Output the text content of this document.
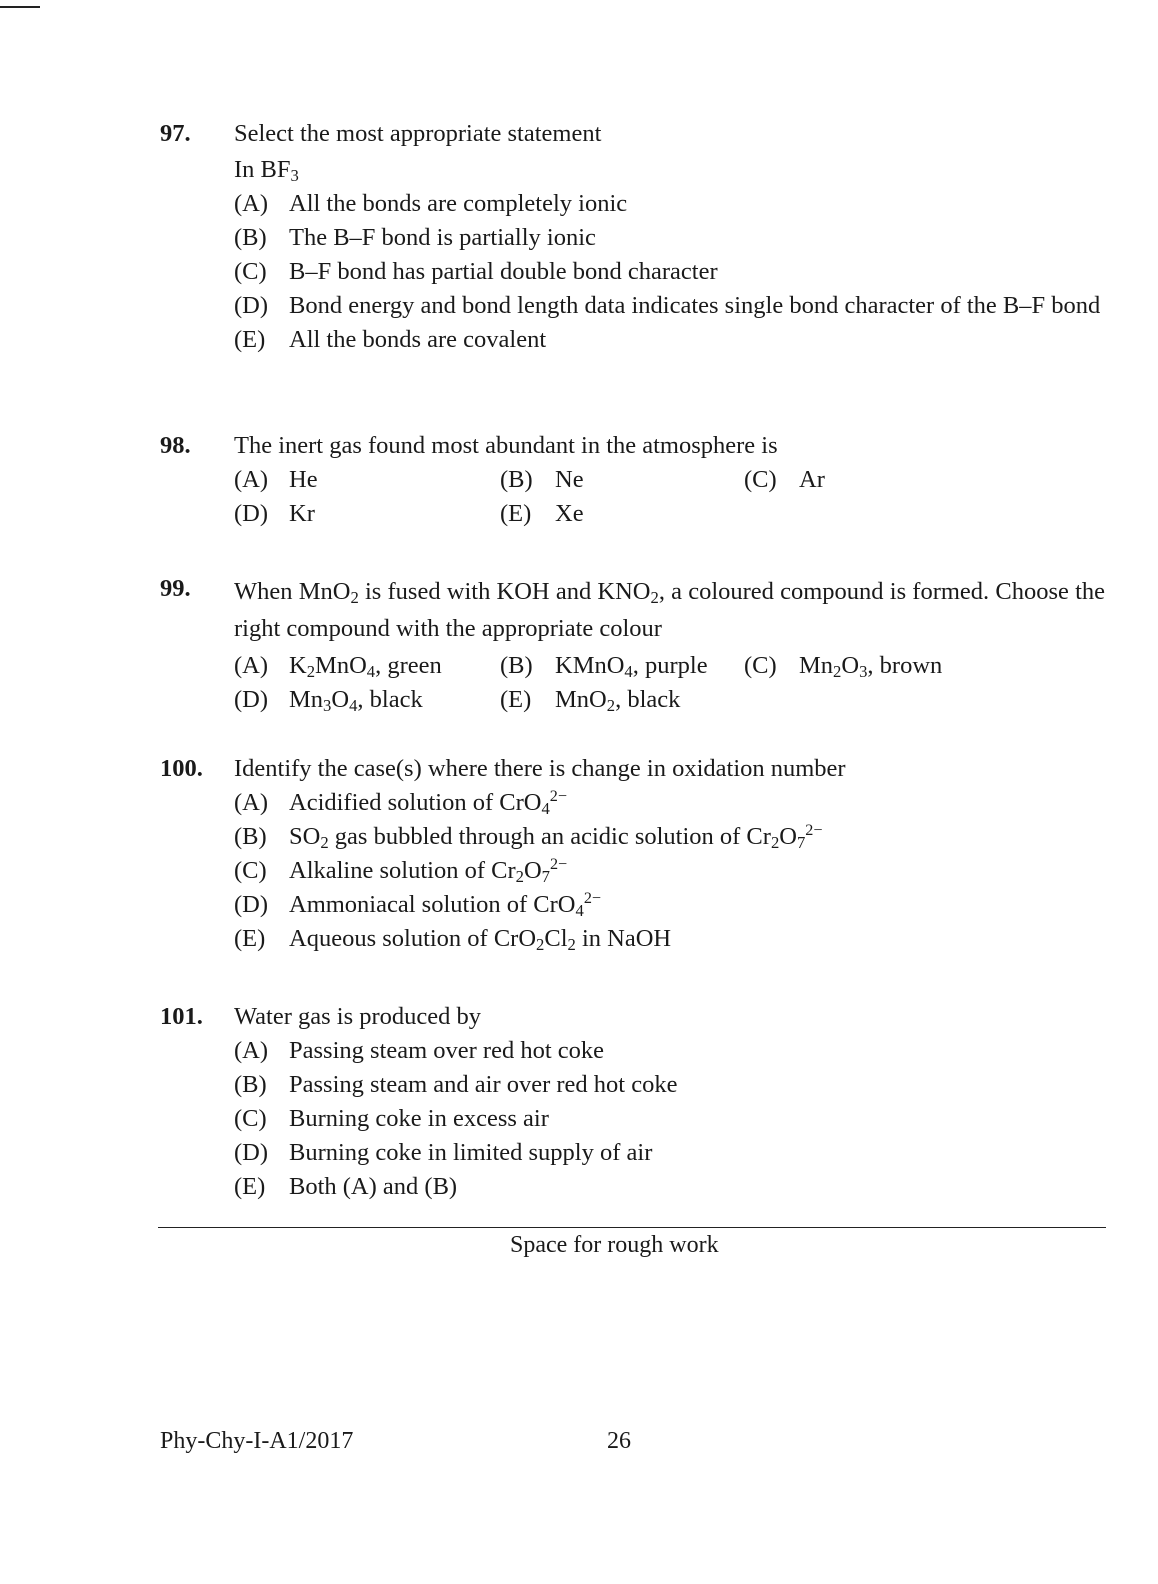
97. Select the most appropriate statement

In $BF_3$

(A) All the bonds are completely ionic
(B) The B–F bond is partially ionic
(C) B–F bond has partial double bond character
(D) Bond energy and bond length data indicates single bond character of the B–F bond
(E) All the bonds are covalent
98. The inert gas found most abundant in the atmosphere is

(A) He	(B) Ne	(C) Ar
(D) Kr	(E) Xe
99. When MnO$_2$ is fused with KOH and $KNO_2$, a coloured compound is formed. Choose the right compound with the appropriate colour

(A) $K_2MnO_4$, green (B) KMnO$_4$, purple (C) $Mn_2O_3$, brown
(D) $Mn_3O_4$, black	(E) MnO$_2$, black
100. Identify the case(s) where there is change in oxidation number

(A) Acidified solution of CrO$_4^{2-}$
(B) $SO_2$ gas bubbled through an acidic solution of $Cr_2O_7^{2-}$
(C) Alkaline solution of $Cr_2O_7^{2-}$
(D) Ammoniacal solution of CrO$_4^{2-}$
(E) Aqueous solution of $CrO_2Cl_2$ in NaOH
101. Water gas is produced by

(A) Passing steam over red hot coke
(B) Passing steam and air over red hot coke
(C) Burning coke in excess air
(D) Burning coke in limited supply of air
(E) Both (A) and (B)
Space for rough work
Phy-Chy-I-A1/2017	26
